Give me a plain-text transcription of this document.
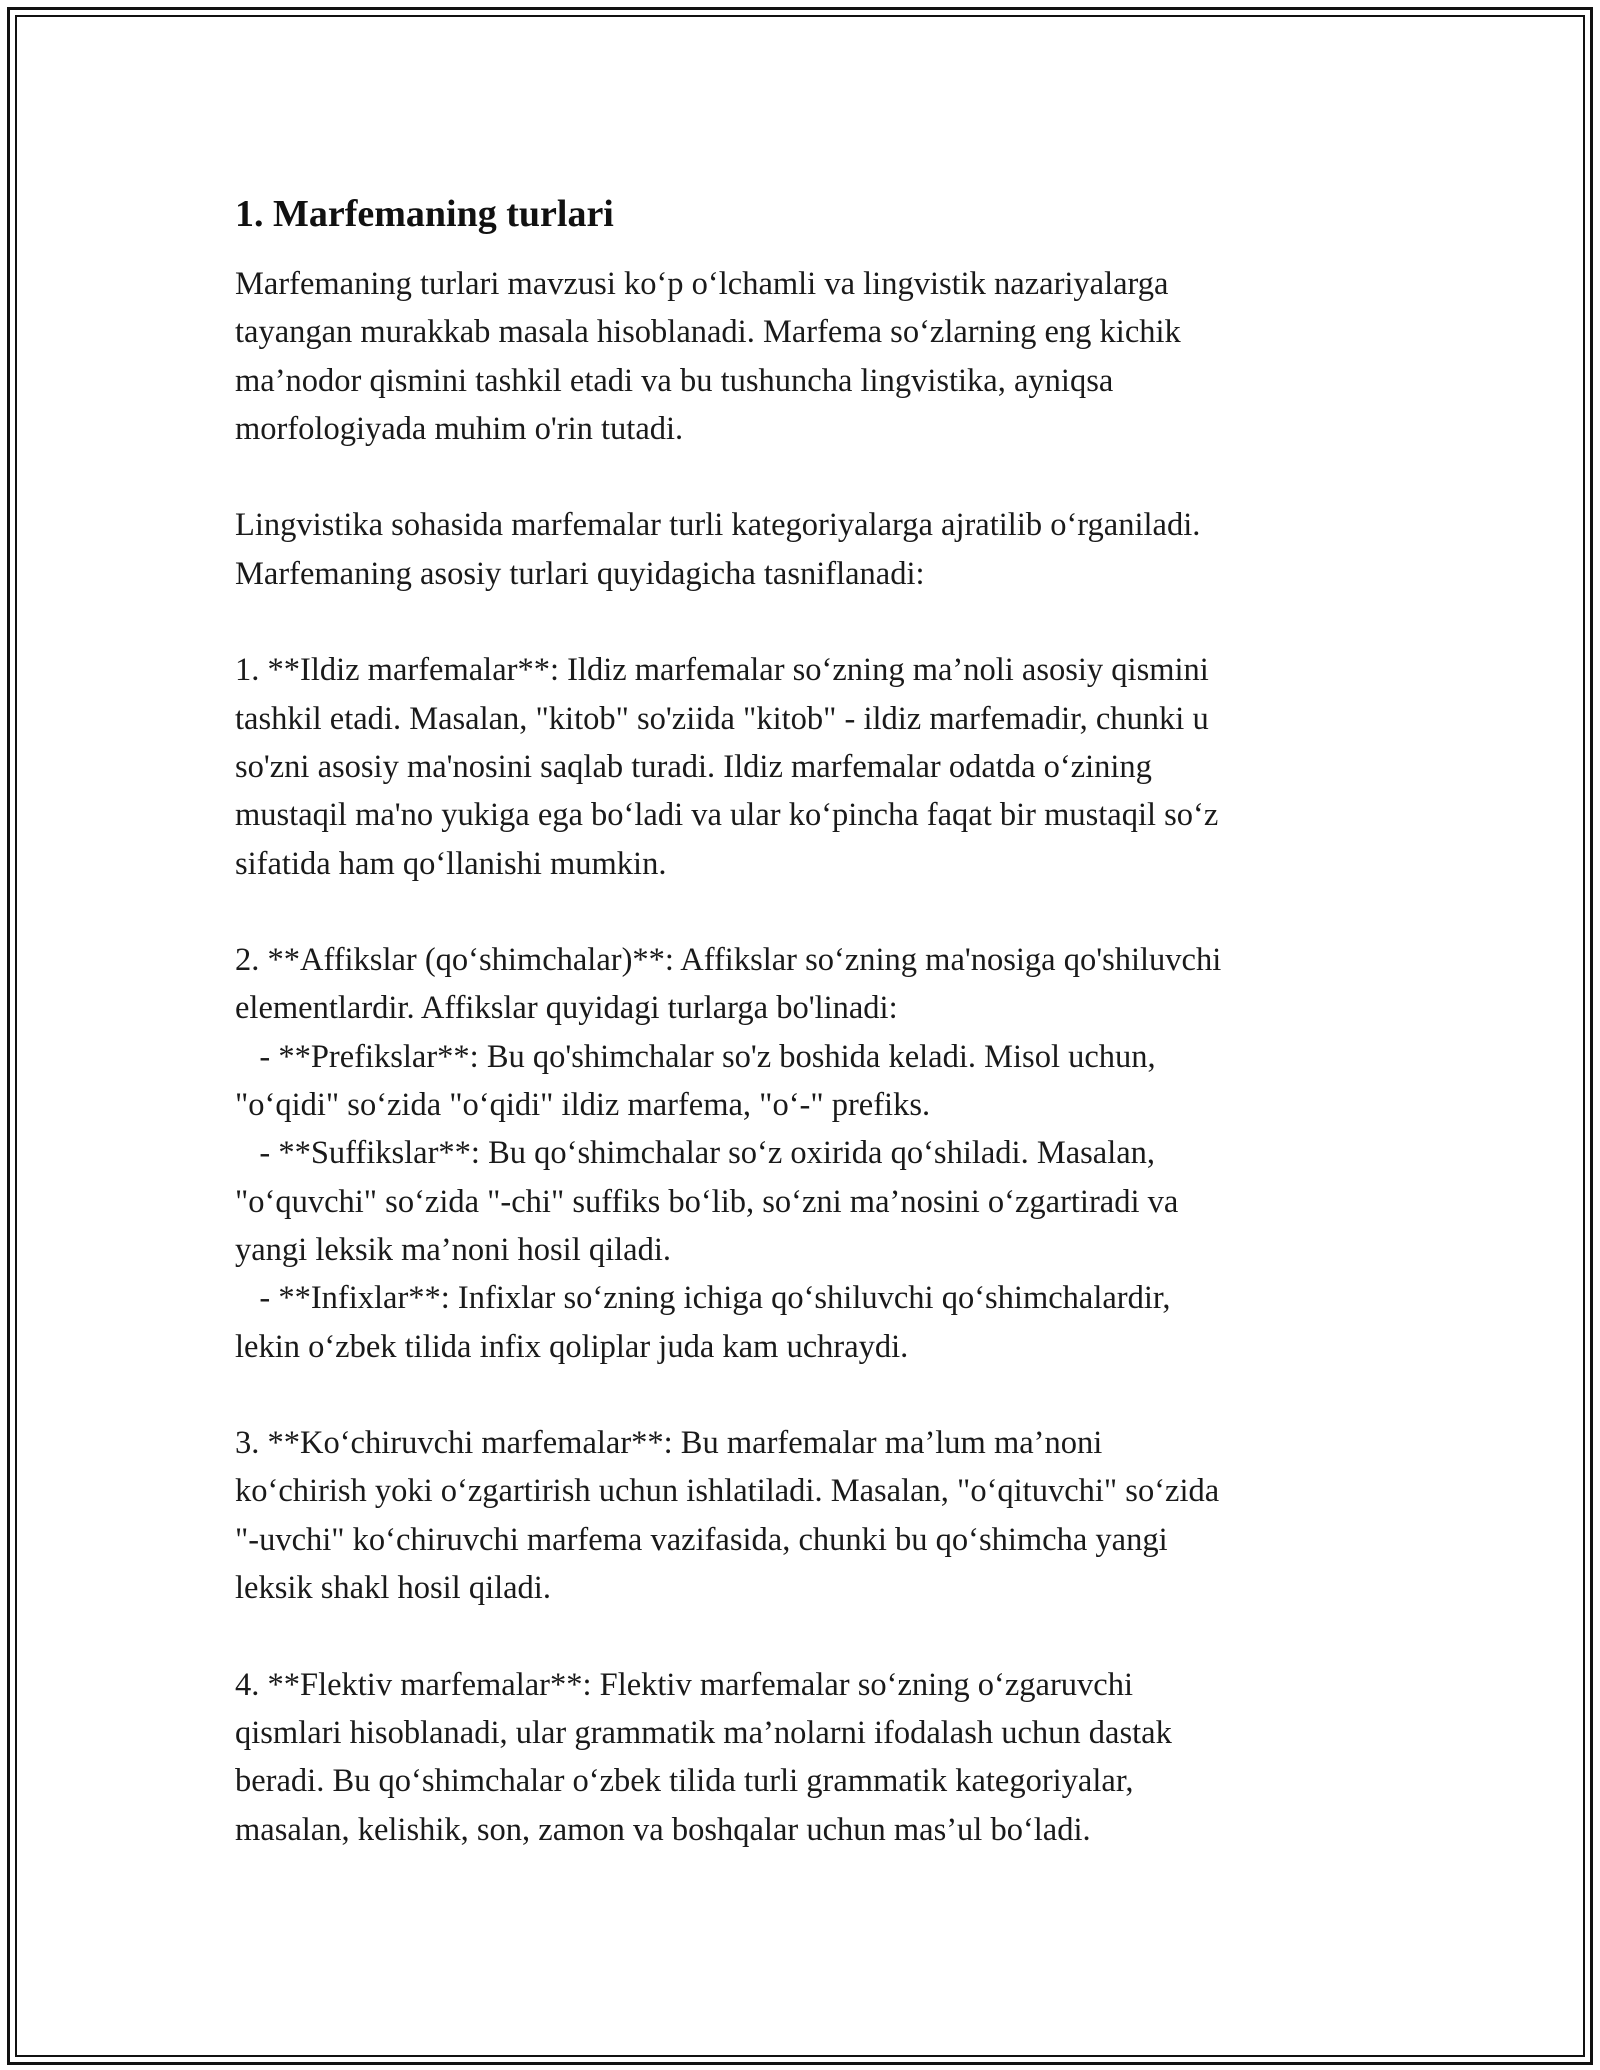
1. Marfemaning turlari

Marfemaning turlari mavzusi ko‘p o‘lchamli va lingvistik nazariyalarga
tayangan murakkab masala hisoblanadi. Marfema so‘zlarning eng kichik
ma’nodor qismini tashkil etadi va bu tushuncha lingvistika, ayniqsa
morfologiyada muhim o'rin tutadi.

Lingvistika sohasida marfemalar turli kategoriyalarga ajratilib o‘rganiladi.
Marfemaning asosiy turlari quyidagicha tasniflanadi:

1. **Ildiz marfemalar**: Ildiz marfemalar so‘zning ma’noli asosiy qismini
tashkil etadi. Masalan, "kitob" so'ziida "kitob" - ildiz marfemadir, chunki u
so'zni asosiy ma'nosini saqlab turadi. Ildiz marfemalar odatda o‘zining
mustaqil ma'no yukiga ega bo‘ladi va ular ko‘pincha faqat bir mustaqil so‘z
sifatida ham qo‘llanishi mumkin.

2. **Affikslar (qo‘shimchalar)**: Affikslar so‘zning ma'nosiga qo'shiluvchi
elementlardir. Affikslar quyidagi turlarga bo'linadi:
- **Prefikslar**: Bu qo'shimchalar so'z boshida keladi. Misol uchun,
"o‘qidi" so‘zida "o‘qidi" ildiz marfema, "o‘-" prefiks.
- **Suffikslar**: Bu qo‘shimchalar so‘z oxirida qo‘shiladi. Masalan,
"o‘quvchi" so‘zida "-chi" suffiks bo‘lib, so‘zni ma’nosini o‘zgartiradi va
yangi leksik ma’noni hosil qiladi.
- **Infixlar**: Infixlar so‘zning ichiga qo‘shiluvchi qo‘shimchalardir,
lekin o‘zbek tilida infix qoliplar juda kam uchraydi.

3. **Ko‘chiruvchi marfemalar**: Bu marfemalar ma’lum ma’noni
ko‘chirish yoki o‘zgartirish uchun ishlatiladi. Masalan, "o‘qituvchi" so‘zida
"-uvchi" ko‘chiruvchi marfema vazifasida, chunki bu qo‘shimcha yangi
leksik shakl hosil qiladi.

4. **Flektiv marfemalar**: Flektiv marfemalar so‘zning o‘zgaruvchi
qismlari hisoblanadi, ular grammatik ma’nolarni ifodalash uchun dastak
beradi. Bu qo‘shimchalar o‘zbek tilida turli grammatik kategoriyalar,
masalan, kelishik, son, zamon va boshqalar uchun mas’ul bo‘ladi.
